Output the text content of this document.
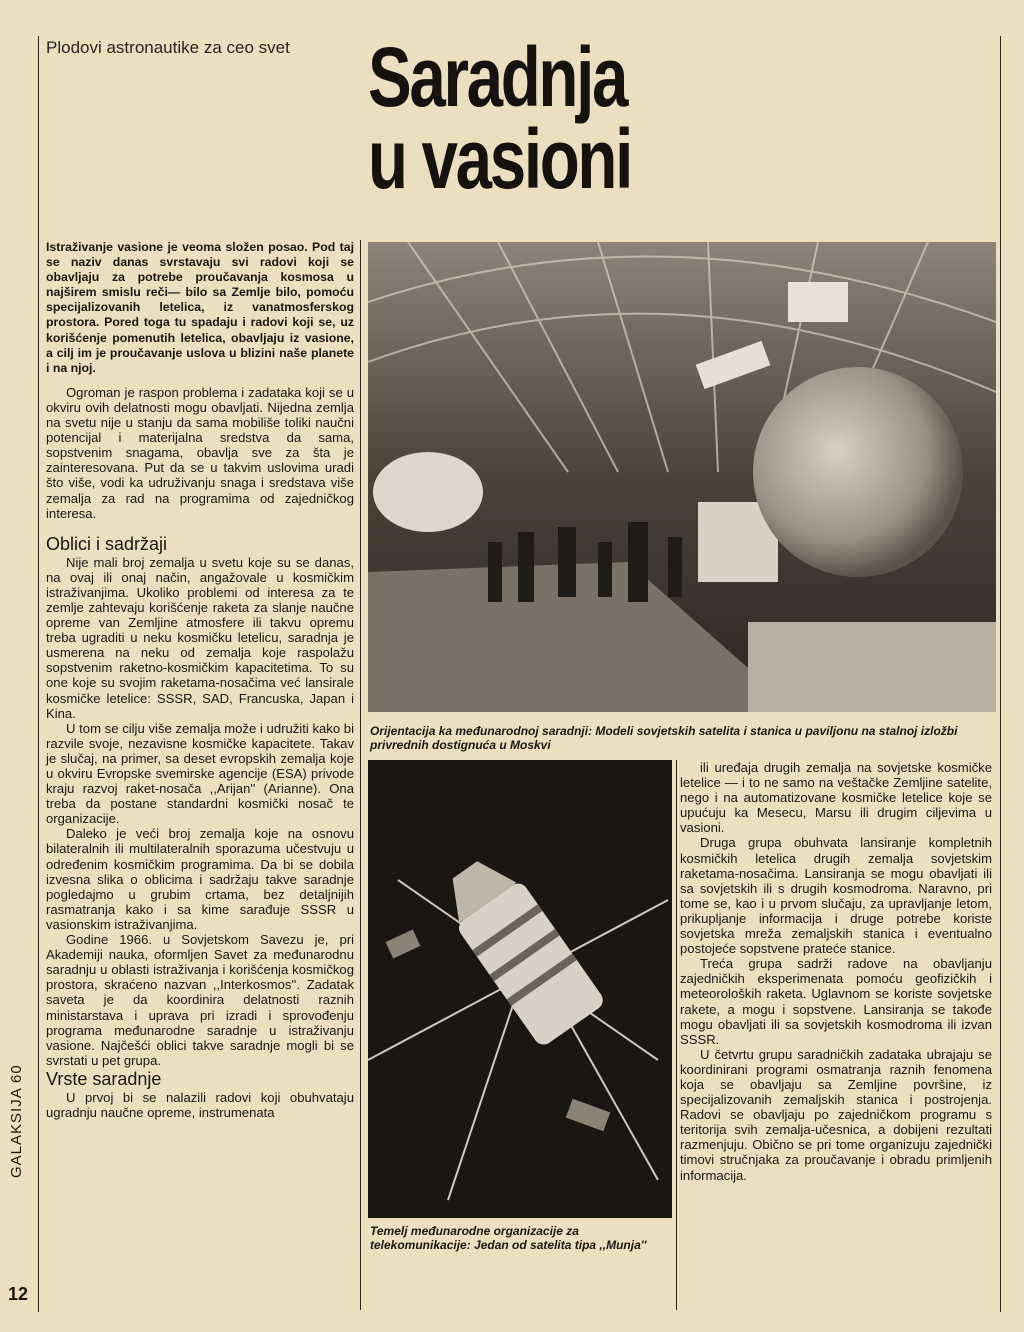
Plodovi astronautike za ceo svet Saradnja
u vasioni
GALAKSIJA 60
12

Istraživanje vasione je veoma složen posao. Pod taj se naziv danas svrstavaju svi radovi koji se obavljaju za potrebe proučavanja kosmosa u najširem smislu reči— bilo sa Zemlje bilo, pomoću specijalizovanih letelica, iz vanatmosferskog prostora. Pored toga tu spadaju i radovi koji se, uz korišćenje pomenutih letelica, obavljaju iz vasione, a cilj im je proučavanje uslova u blizini naše planete i na njoj.

Ogroman je raspon problema i zadataka koji se u okviru ovih delatnosti mogu obavljati. Nijedna zemlja na svetu nije u stanju da sama mobiliše toliki naučni potencijal i materijalna sredstva da sama, sopstvenim snagama, obavlja sve za šta je zainteresovana. Put da se u takvim uslovima uradi što više, vodi ka udruživanju snaga i sredstava više zemalja za rad na programima od zajedničkog interesa.

Oblici i sadržaji

Nije mali broj zemalja u svetu koje su se danas, na ovaj ili onaj način, angažovale u kosmičkim istraživanjima. Ukoliko problemi od interesa za te zemlje zahtevaju korišćenje raketa za slanje naučne opreme van Zemljine atmosfere ili takvu opremu treba ugraditi u neku kosmičku letelicu, saradnja je usmerena na neku od zemalja koje raspolažu sopstvenim raketno-kosmičkim kapacitetima. To su one koje su svojim raketama-nosačima već lansirale kosmičke letelice: SSSR, SAD, Francuska, Japan i Kina.

U tom se cilju više zemalja može i udružiti kako bi razvile svoje, nezavisne kosmičke kapacitete. Takav je slučaj, na primer, sa deset evropskih zemalja koje u okviru Evropske svemirske agencije (ESA) privode kraju razvoj raket-nosača ,,Arijan'' (Arianne). Ona treba da postane standardni kosmički nosač te organizacije.

Daleko je veći broj zemalja koje na osnovu bilateralnih ili multilateralnih sporazuma učestvuju u određenim kosmičkim programima. Da bi se dobila izvesna slika o oblicima i sadržaju takve saradnje pogledajmo u grubim crtama, bez detaljnijih rasmatranja kako i sa kime sarađuje SSSR u vasionskim istraživanjima.

Godine 1966. u Sovjetskom Savezu je, pri Akademiji nauka, oformljen Savet za međunarodnu saradnju u oblasti istraživanja i korišćenja kosmičkog prostora, skraćeno nazvan ,,Interkosmos''. Zadatak saveta je da koordinira delatnosti raznih ministarstava i uprava pri izradi i sprovođenju programa međunarodne saradnje u istraživanju vasione. Najčešći oblici takve saradnje mogli bi se svrstati u pet grupa.

Vrste saradnje

U prvoj bi se nalazili radovi koji obuhvataju ugradnju naučne opreme, instrumenata

Orijentacija ka međunarodnoj saradnji: Modeli sovjetskih satelita i stanica u paviljonu na stalnoj izložbi privrednih dostignuća u Moskvi
Temelj međunarodne organizacije za telekomunikacije: Jedan od satelita tipa ,,Munja''

ili uređaja drugih zemalja na sovjetske kosmičke letelice — i to ne samo na veštačke Zemljine satelite, nego i na automatizovane kosmičke letelice koje se upućuju ka Mesecu, Marsu ili drugim ciljevima u vasioni.

Druga grupa obuhvata lansiranje kompletnih kosmičkih letelica drugih zemalja sovjetskim raketama-nosačima. Lansiranja se mogu obavljati ili sa sovjetskih ili s drugih kosmodroma. Naravno, pri tome se, kao i u prvom slučaju, za upravljanje letom, prikupljanje informacija i druge potrebe koriste sovjetska mreža zemaljskih stanica i eventualno postojeće sopstvene prateće stanice.

Treća grupa sadrži radove na obavljanju zajedničkih eksperimenata pomoću geofizičkih i meteoroloških raketa. Uglavnom se koriste sovjetske rakete, a mogu i sopstvene. Lansiranja se takođe mogu obavljati ili sa sovjetskih kosmodroma ili izvan SSSR.

U četvrtu grupu saradničkih zadataka ubrajaju se koordinirani programi osmatranja raznih fenomena koja se obavljaju sa Zemljine površine, iz specijalizovanih zemaljskih stanica i postrojenja. Radovi se obavljaju po zajedničkom programu s teritorija svih zemalja-učesnica, a dobijeni rezultati razmenjuju. Obično se pri tome organizuju zajednički timovi stručnjaka za proučavanje i obradu primljenih informacija.
